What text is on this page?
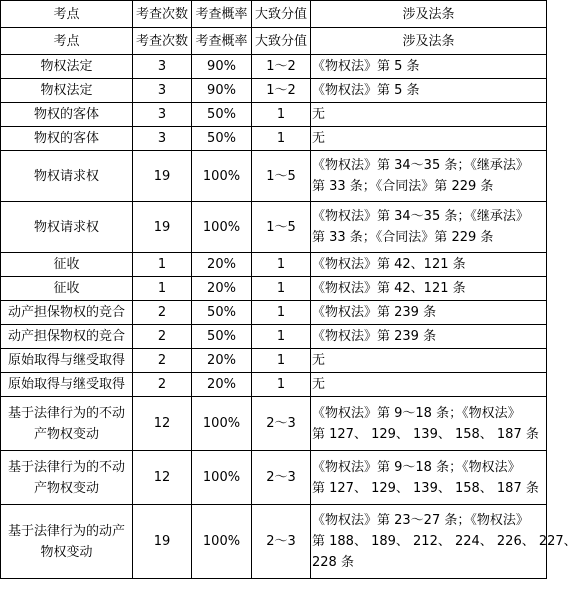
考点	考查次数	考查概率	大致分值	涉及法条
考点	考查次数	考查概率	大致分值	涉及法条
物权法定	3	90%	1～2	《物权法》第 5 条
物权法定	3	90%	1～2	《物权法》第 5 条
物权的客体	3	50%	1	无
物权的客体	3	50%	1	无
物权请求权	19	100%	1～5	《物权法》第 34～35 条；《继承法》
第 33 条；《合同法》第 229 条

物权请求权	19	100%	1～5	《物权法》第 34～35 条；《继承法》
第 33 条；《合同法》第 229 条

征收	1	20%	1	《物权法》第 42、121 条
征收	1	20%	1	《物权法》第 42、121 条
动产担保物权的竞合	2	50%	1	《物权法》第 239 条
动产担保物权的竞合	2	50%	1	《物权法》第 239 条
原始取得与继受取得	2	20%	1	无
原始取得与继受取得	2	20%	1	无

基于法律行为的不动
产物权变动	12	100%	2～3	《物权法》第 9～18 条；《物权法》
第 127、 129、 139、 158、 187 条

基于法律行为的不动
产物权变动	12	100%	2～3	《物权法》第 9～18 条；《物权法》
第 127、 129、 139、 158、 187 条

基于法律行为的动产
物权变动	19	100%	2～3	《物权法》第 23～27 条；《物权法》
第 188、 189、 212、 224、 226、 227、
228 条
